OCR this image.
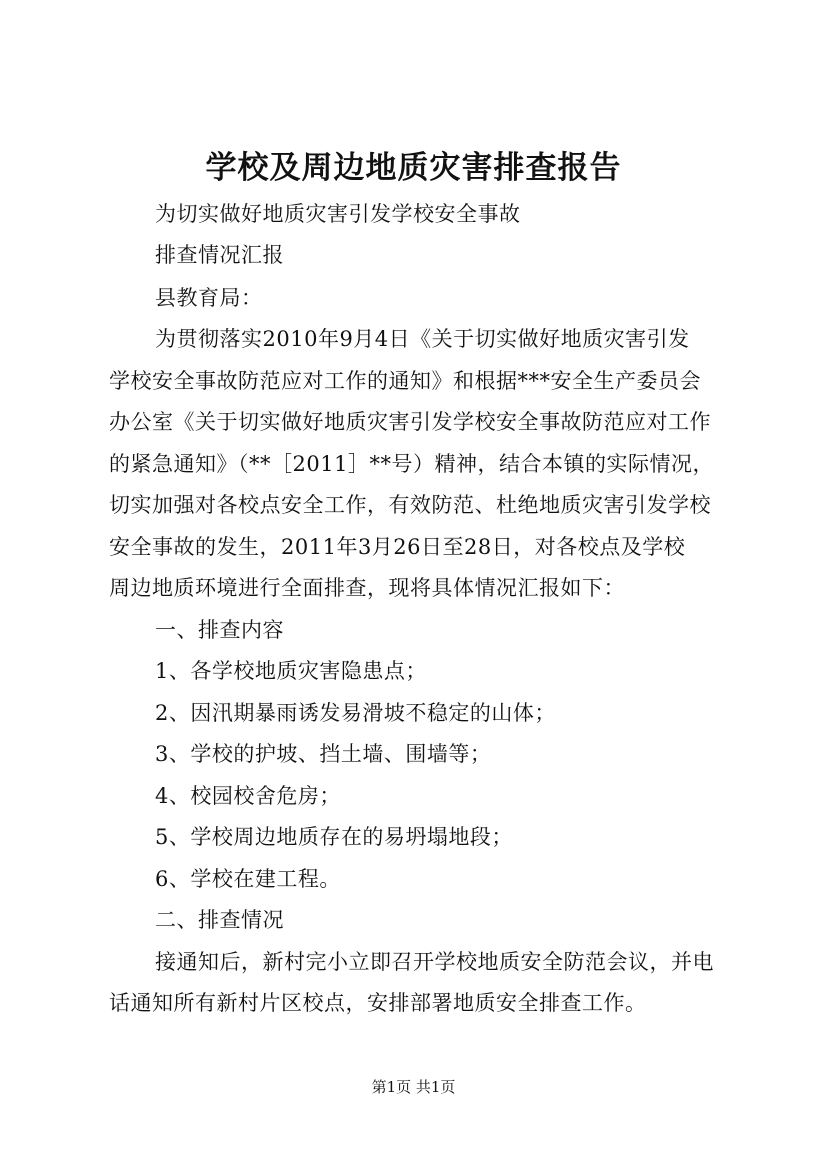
学校及周边地质灾害排查报告
为切实做好地质灾害引发学校安全事故
排查情况汇报
县教育局：
为贯彻落实2010年9月4日《关于切实做好地质灾害引发
学校安全事故防范应对工作的通知》和根据***安全生产委员会
办公室《关于切实做好地质灾害引发学校安全事故防范应对工作
的紧急通知》（**［2011］**号）精神，结合本镇的实际情况，
切实加强对各校点安全工作，有效防范、杜绝地质灾害引发学校
安全事故的发生，2011年3月26日至28日，对各校点及学校
周边地质环境进行全面排查，现将具体情况汇报如下：
一、排查内容
1、各学校地质灾害隐患点；
2、因汛期暴雨诱发易滑坡不稳定的山体；
3、学校的护坡、挡土墙、围墙等；
4、校园校舍危房；
5、学校周边地质存在的易坍塌地段；
6、学校在建工程。
二、排查情况
接通知后，新村完小立即召开学校地质安全防范会议，并电
话通知所有新村片区校点，安排部署地质安全排查工作。
第1页 共1页
